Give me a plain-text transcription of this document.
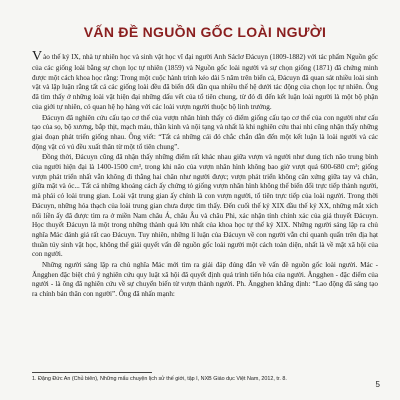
VẤN ĐỀ NGUỒN GỐC LOÀI NGƯỜI

Vào thế kỷ IX, nhà tự nhiên học và sinh vật học vĩ đại người Anh Sáclơ Đácuyn (1809-1882) với tác phẩm Nguồn gốc của các giống loài bằng sự chọn lọc tự nhiên (1859) và Nguồn gốc loài người và sự chọn giống (1871) đã chứng minh được một cách khoa học rằng: Trong một cuộc hành trình kéo dài 5 năm trên biển cả, Đácuyn đã quan sát nhiều loài sinh vật và lập luận rằng tất cả các giống loài đều đã biến đổi dần qua nhiều thế hệ dưới tác động của chọn lọc tự nhiên. Ông đã tìm thấy ở những loài vật hiện đại những dấu vết của tổ tiên chung, từ đó đi đến kết luận loài người là một bộ phận của giới tự nhiên, có quan hệ họ hàng với các loài vượn người thuộc bộ linh trưởng.

Đácuyn đã nghiên cứu cấu tạo cơ thể của vượn nhân hình thấy có điểm giống cấu tạo cơ thể của con người như cấu tạo của sọ, bộ xương, bắp thịt, mạch máu, thần kinh và nội tạng và nhất là khi nghiên cứu thai nhi cũng nhận thấy những giai đoạn phát triển giống nhau. Ông viết: “Tất cả những cái đó chắc chắn dẫn đến một kết luận là loài người và các động vật có vú đều xuất thân từ một tổ tiên chung”.

Đồng thời, Đácuyn cũng đã nhận thấy những điểm rất khác nhau giữa vượn và người như dung tích não trung bình của người hiện đại là 1400-1500 cm³, trong khi não của vượn nhân hình không bao giờ vượt quá 600-680 cm³; giống vượn phát triển nhất vẫn không đi thẳng hai chân như người được; vượn phát triển không cân xứng giữa tay và chân, giữa mặt và óc... Tất cả những khoảng cách ấy chứng tỏ giống vượn nhân hình không thể biến đổi trực tiếp thành người, mà phải có loài trung gian. Loài vật trung gian ấy chính là con vượn người, tổ tiên trực tiếp của loài người. Trong thời Đácuyn, những hóa thạch của loài trung gian chưa được tìm thấy. Đến cuối thế kỷ XIX đầu thế kỷ XX, những mắt xích nối liền ấy đã được tìm ra ở miền Nam châu Á, châu Âu và châu Phi, xác nhận tính chính xác của giả thuyết Đácuyn. Học thuyết Đácuyn là một trong những thành quả lớn nhất của khoa học tự thế kỷ XIX. Những người sáng lập ra chủ nghĩa Mác đánh giá rất cao Đácuyn. Tuy nhiên, những lí luận của Đácuyn về con người vẫn chỉ quanh quẩn trên địa hạt thuần túy sinh vật học, không thể giải quyết vấn đề nguồn gốc loài người một cách toàn diện, nhất là về mặt xã hội của con người.

Những người sáng lập ra chủ nghĩa Mác mới tìm ra giải đáp đúng đắn về vấn đề nguồn gốc loài người. Mác - Ăngghen đặc biệt chú ý nghiên cứu quy luật xã hội đã quyết định quá trình tiến hóa của người. Ăngghen - đặc điểm của người - là ông đã nghiên cứu về sự chuyển biến từ vượn thành người. Ph. Ăngghen khẳng định: “Lao động đã sáng tạo ra chính bản thân con người”. Ông đã nhấn mạnh:

1. Đặng Đức An (Chủ biên), Những mẩu chuyện lịch sử thế giới, tập I, NXB Giáo dục Việt Nam, 2012, tr. 8.
5
